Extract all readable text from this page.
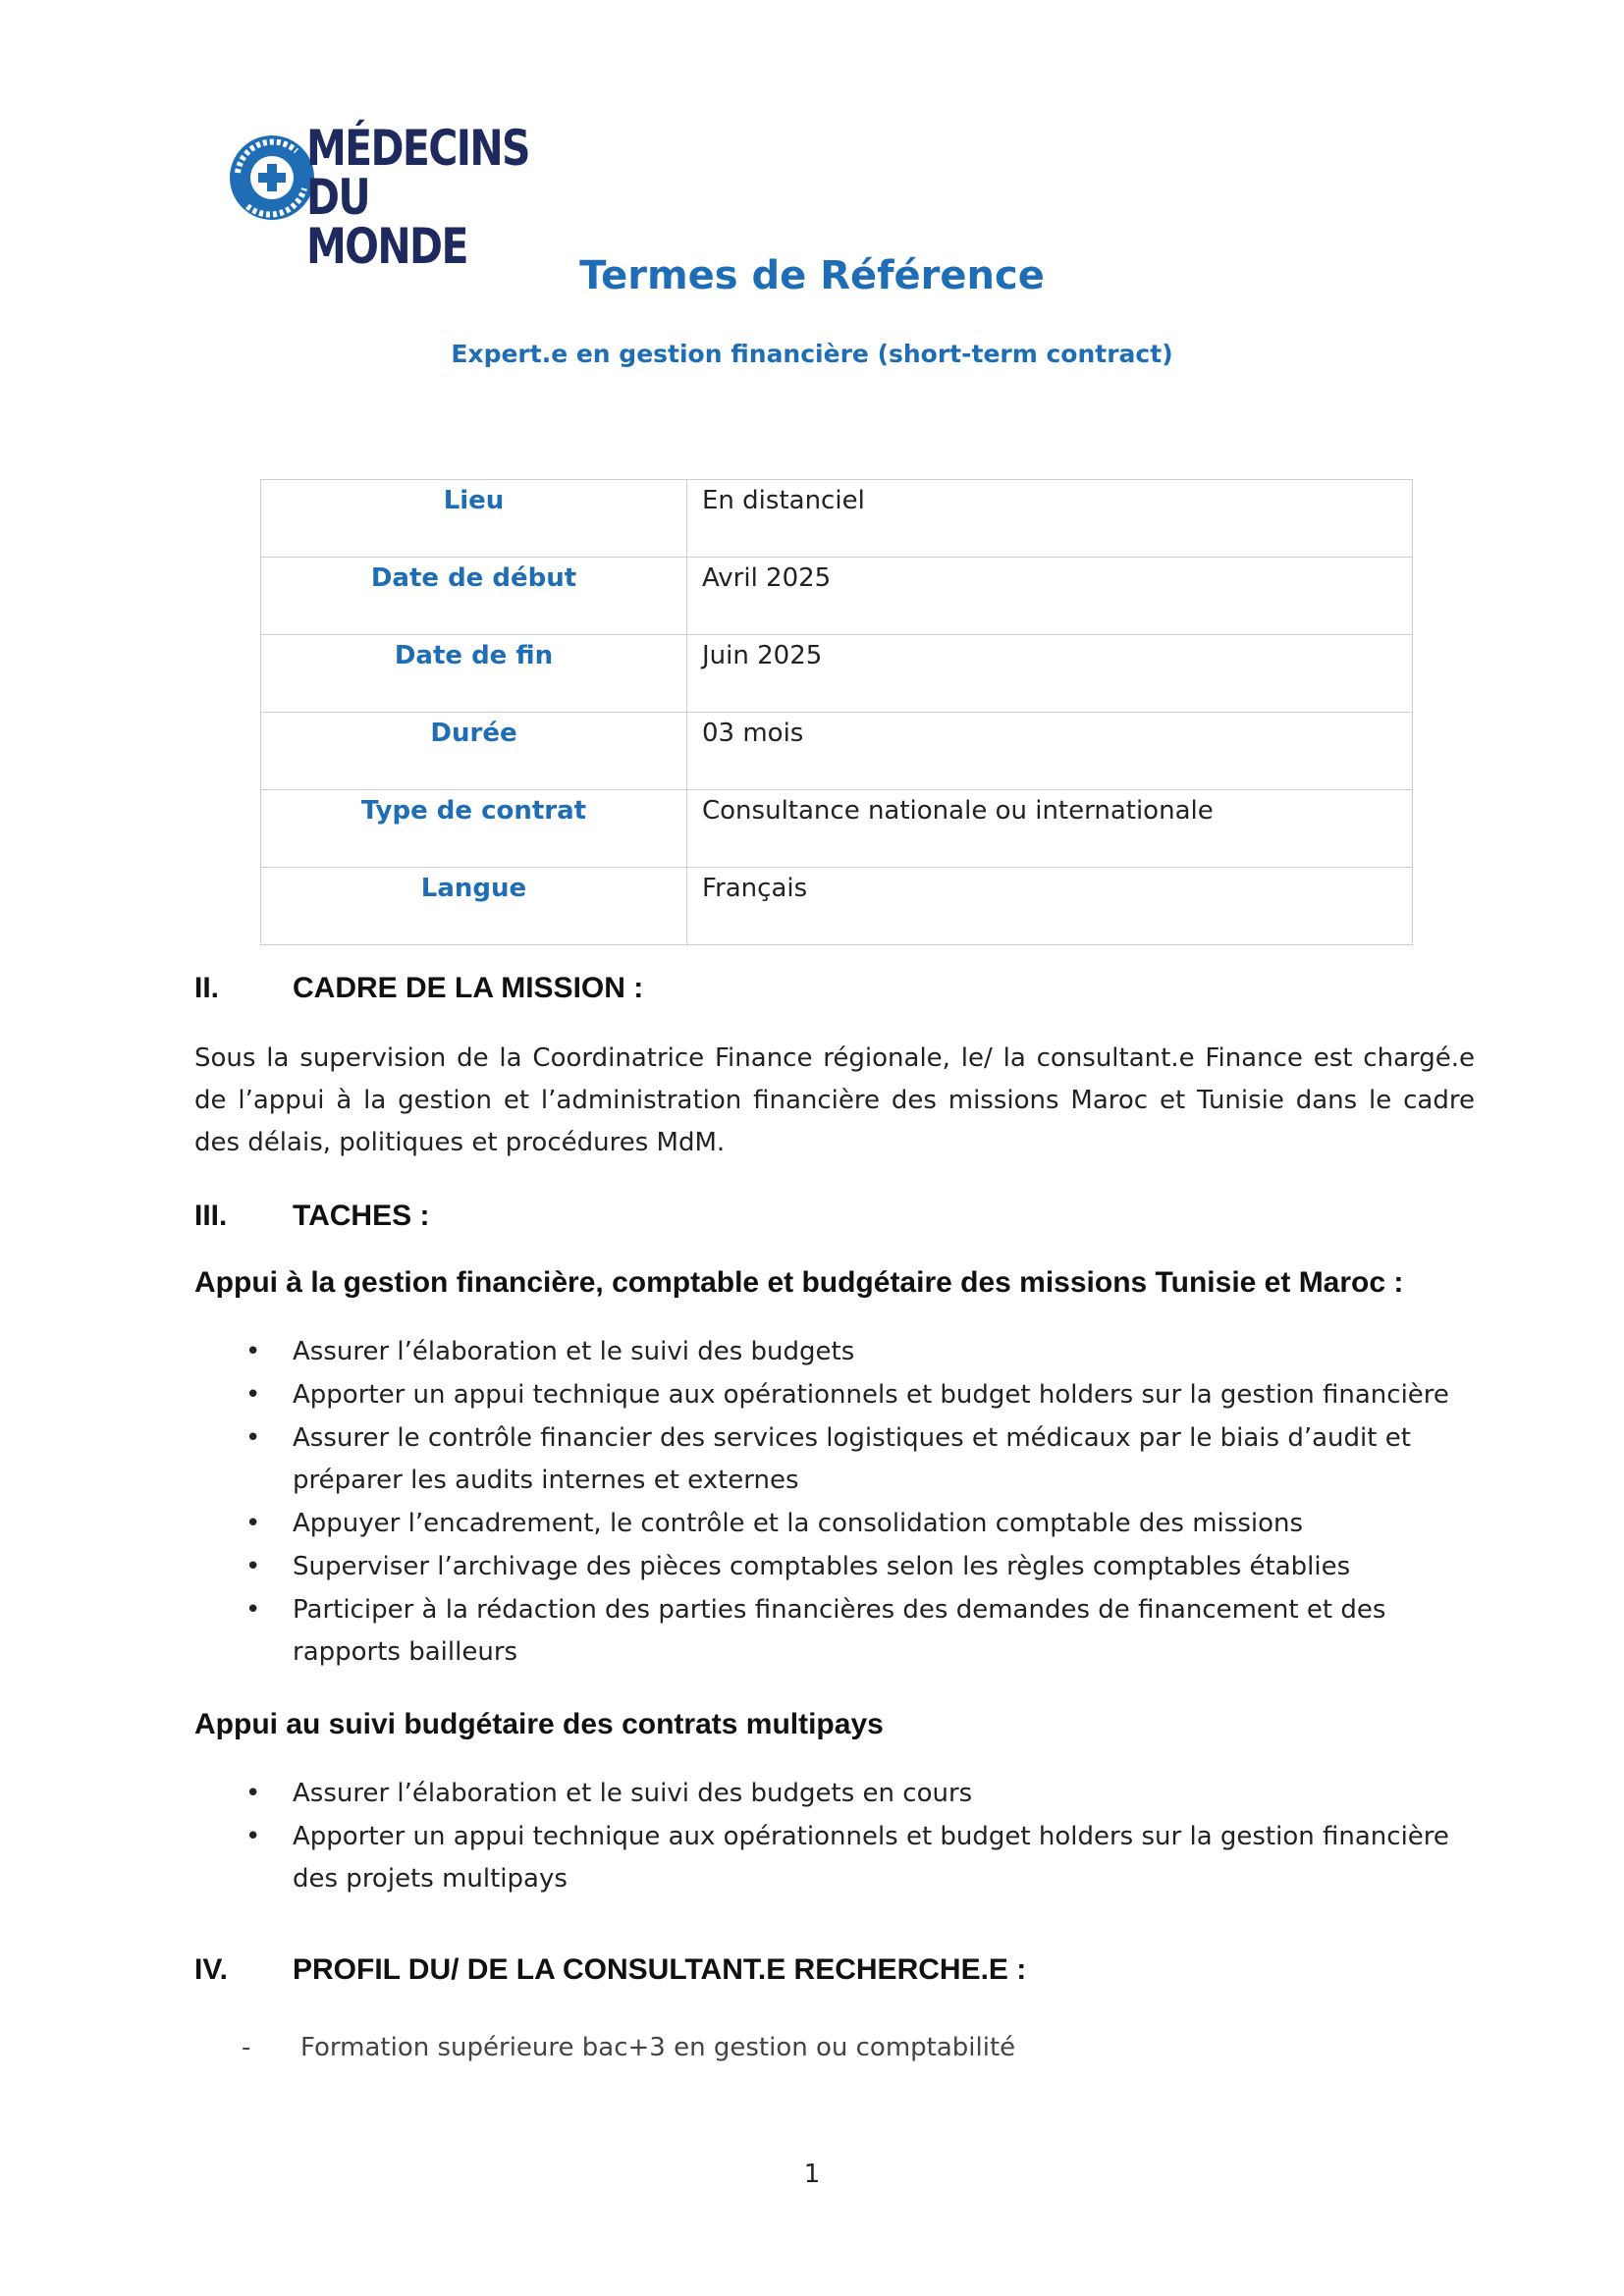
MÉDECINS
DU MONDE
Termes de Référence
Expert.e en gestion financière (short-term contract)
Lieu	En distanciel
Date de début	Avril 2025
Date de fin	Juin 2025
Durée	03 mois
Type de contrat	Consultance nationale ou internationale
Langue	Français
II. CADRE DE LA MISSION :
Sous la supervision de la Coordinatrice Finance régionale, le/ la consultant.e Finance est chargé.e de l’appui à la gestion et l’administration financière des missions Maroc et Tunisie dans le cadre des délais, politiques et procédures MdM.
III. TACHES :
Appui à la gestion financière, comptable et budgétaire des missions Tunisie et Maroc :
• Assurer l’élaboration et le suivi des budgets
• Apporter un appui technique aux opérationnels et budget holders sur la gestion financière
• Assurer le contrôle financier des services logistiques et médicaux par le biais d’audit et préparer les audits internes et externes
• Appuyer l’encadrement, le contrôle et la consolidation comptable des missions
• Superviser l’archivage des pièces comptables selon les règles comptables établies
• Participer à la rédaction des parties financières des demandes de financement et des rapports bailleurs
Appui au suivi budgétaire des contrats multipays
• Assurer l’élaboration et le suivi des budgets en cours
• Apporter un appui technique aux opérationnels et budget holders sur la gestion financière des projets multipays
IV. PROFIL DU/ DE LA CONSULTANT.E RECHERCHE.E :
- Formation supérieure bac+3 en gestion ou comptabilité
1
